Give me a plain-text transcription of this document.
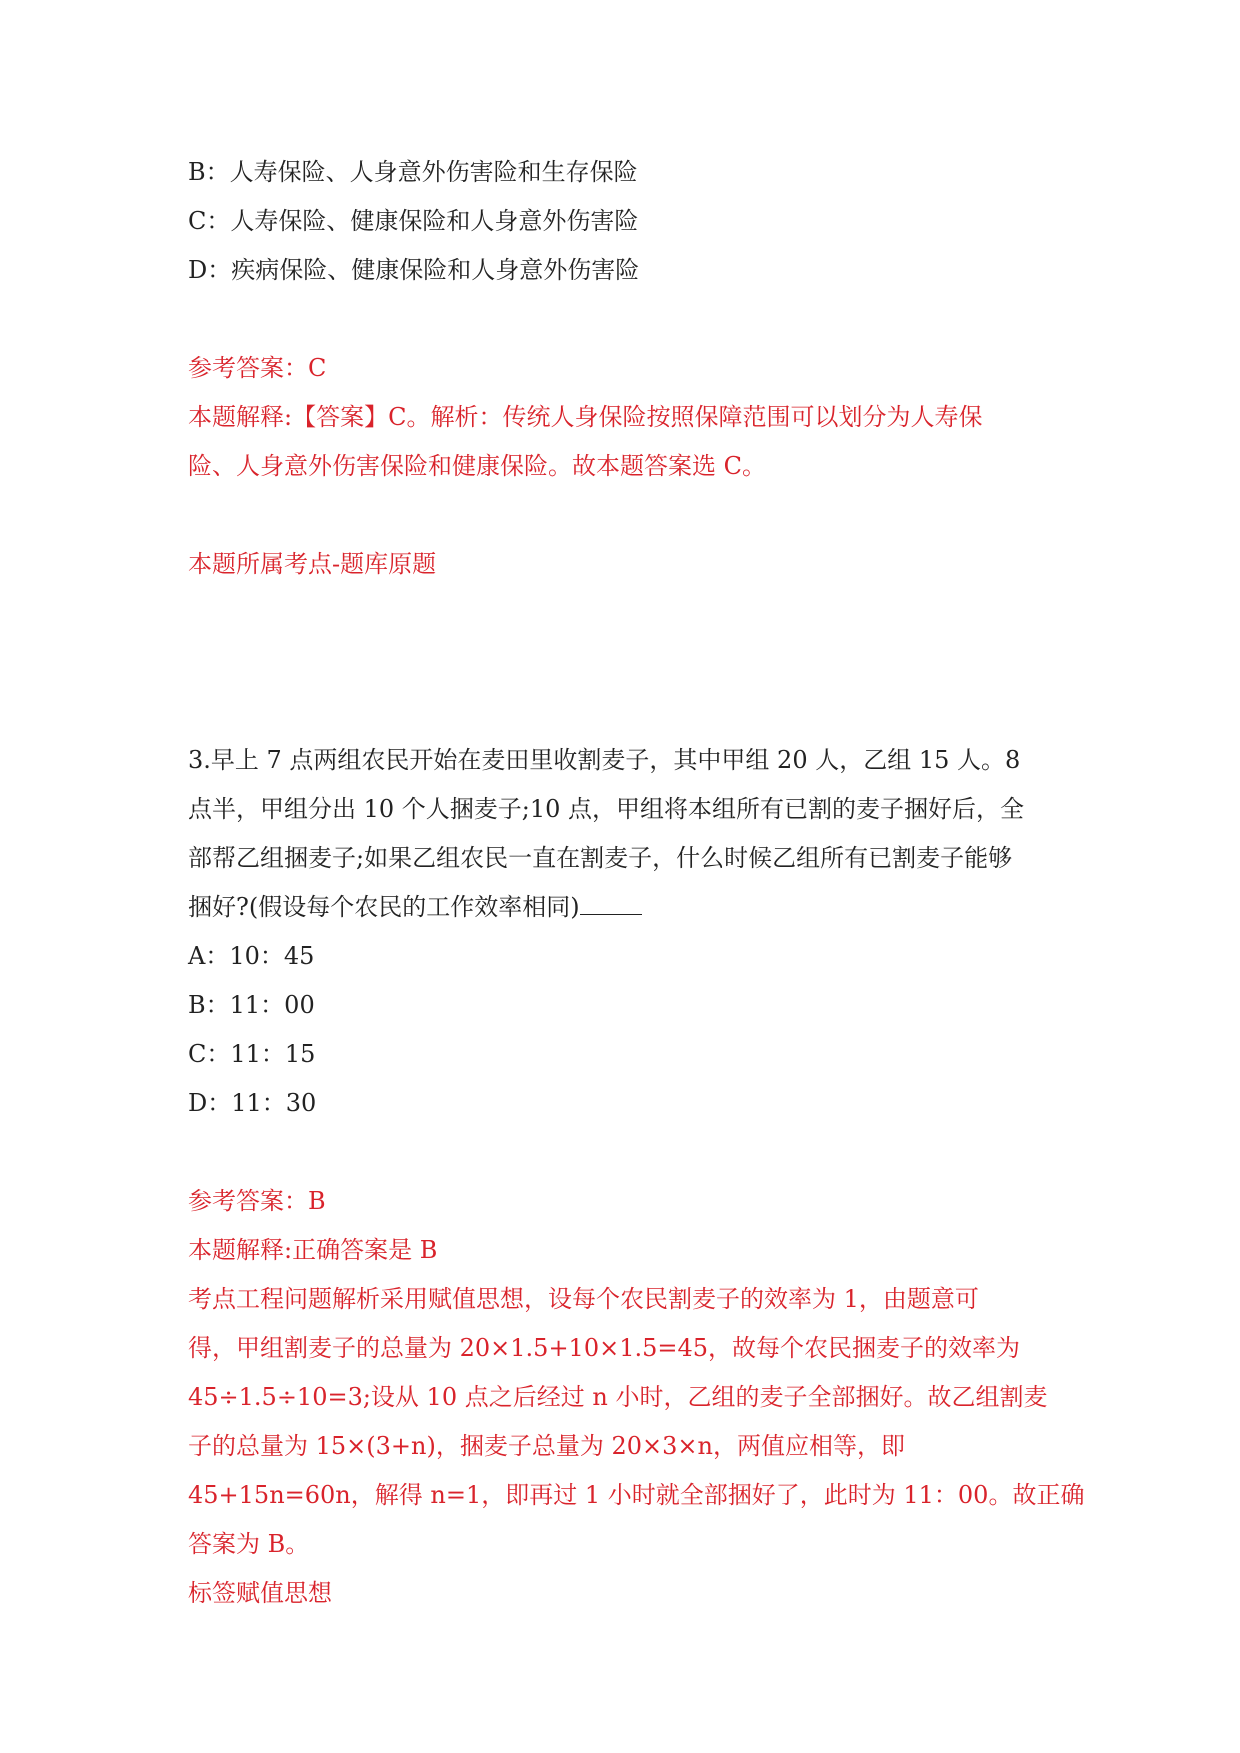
B：人寿保险、人身意外伤害险和生存保险
C：人寿保险、健康保险和人身意外伤害险
D：疾病保险、健康保险和人身意外伤害险
参考答案：C
本题解释:【答案】C。解析：传统人身保险按照保障范围可以划分为人寿保
险、人身意外伤害保险和健康保险。故本题答案选 C。
本题所属考点-题库原题
3.早上 7 点两组农民开始在麦田里收割麦子，其中甲组 20 人，乙组 15 人。8
点半，甲组分出 10 个人捆麦子;10 点，甲组将本组所有已割的麦子捆好后，全
部帮乙组捆麦子;如果乙组农民一直在割麦子，什么时候乙组所有已割麦子能够
捆好?(假设每个农民的工作效率相同)
A：10：45
B：11：00
C：11：15
D：11：30
参考答案：B
本题解释:正确答案是 B
考点工程问题解析采用赋值思想，设每个农民割麦子的效率为 1，由题意可
得，甲组割麦子的总量为 20×1.5+10×1.5=45，故每个农民捆麦子的效率为
45÷1.5÷10=3;设从 10 点之后经过 n 小时，乙组的麦子全部捆好。故乙组割麦
子的总量为 15×(3+n)，捆麦子总量为 20×3×n，两值应相等，即
45+15n=60n，解得 n=1，即再过 1 小时就全部捆好了，此时为 11：00。故正确
答案为 B。
标签赋值思想
